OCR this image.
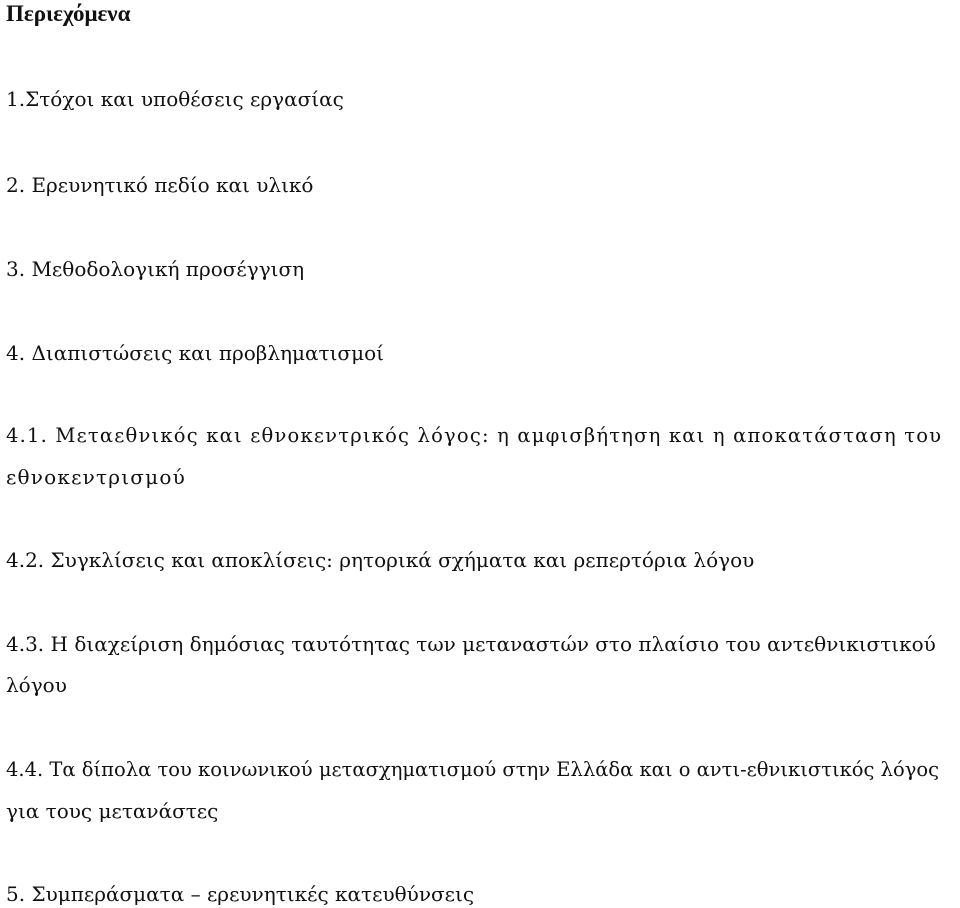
Περιεχόμενα
1.Στόχοι και υποθέσεις εργασίας
2. Ερευνητικό πεδίο και υλικό
3. Μεθοδολογική προσέγγιση
4. Διαπιστώσεις και προβληματισμοί
4.1. Μεταεθνικός και εθνοκεντρικός λόγος: η αμφισβήτηση και η αποκατάσταση του
εθνοκεντρισμού
4.2. Συγκλίσεις και αποκλίσεις: ρητορικά σχήματα και ρεπερτόρια λόγου
4.3. Η διαχείριση δημόσιας ταυτότητας των μεταναστών στο πλαίσιο του αντεθνικιστικού
λόγου
4.4. Τα δίπολα του κοινωνικού μετασχηματισμού στην Ελλάδα και ο αντι-εθνικιστικός λόγος
για τους μετανάστες
5. Συμπεράσματα – ερευνητικές κατευθύνσεις
